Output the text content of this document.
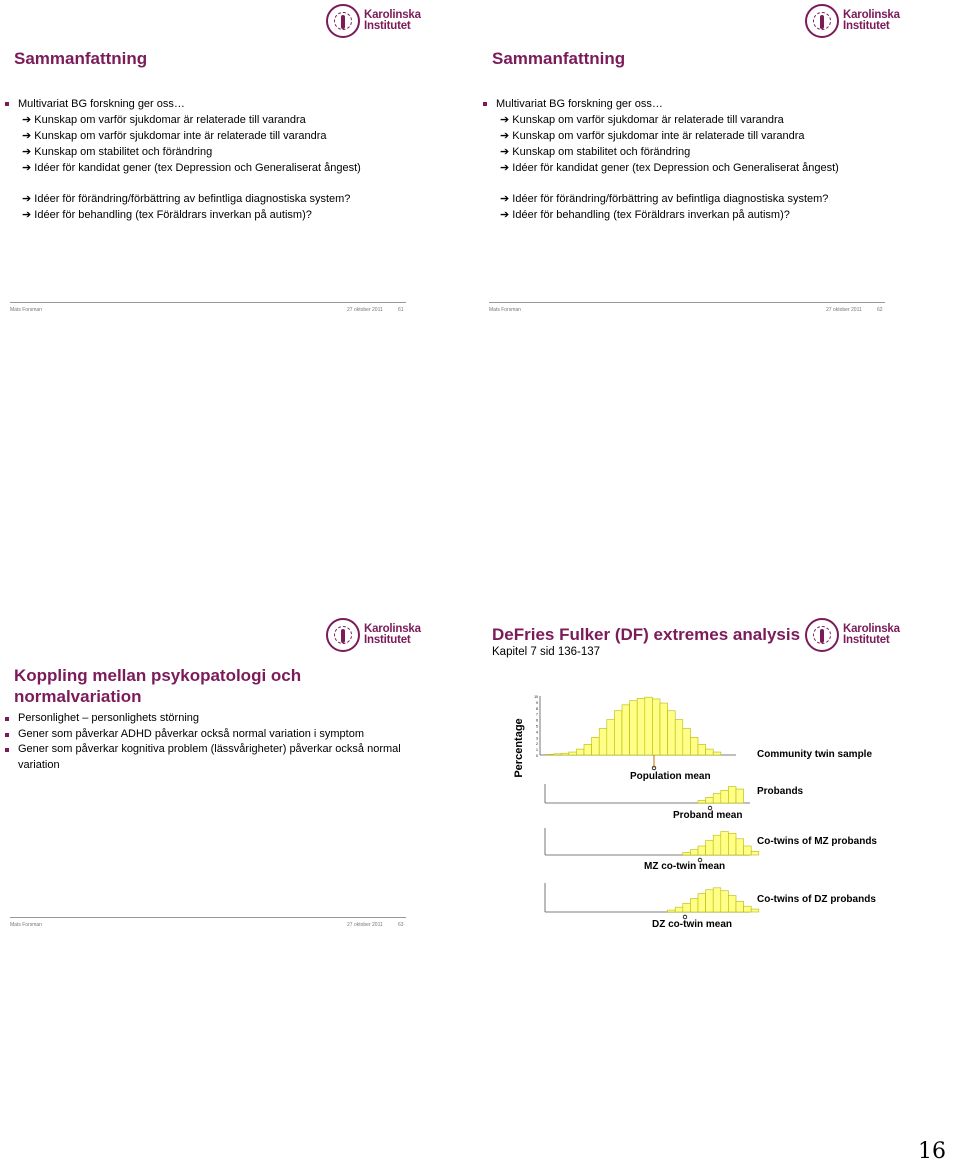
Karolinska
Institutet
Sammanfattning
Multivariat BG forskning ger oss…
➔ Kunskap om varför sjukdomar är relaterade till varandra
➔ Kunskap om varför sjukdomar inte är relaterade till varandra
➔ Kunskap om stabilitet och förändring
➔ Idéer för kandidat gener (tex Depression och Generaliserat ångest)
➔ Idéer för förändring/förbättring av befintliga diagnostiska system?
➔ Idéer för behandling (tex Föräldrars inverkan på autism)?
Mats Forsman	27 oktober 2011	61
Karolinska
Institutet
Sammanfattning
Multivariat BG forskning ger oss…
➔ Kunskap om varför sjukdomar är relaterade till varandra
➔ Kunskap om varför sjukdomar inte är relaterade till varandra
➔ Kunskap om stabilitet och förändring
➔ Idéer för kandidat gener (tex Depression och Generaliserat ångest)
➔ Idéer för förändring/förbättring av befintliga diagnostiska system?
➔ Idéer för behandling (tex Föräldrars inverkan på autism)?
Mats Forsman	27 oktober 2011	62
Karolinska
Institutet
Koppling mellan psykopatologi och
normalvariation
Personlighet – personlighets störning
Gener som påverkar ADHD påverkar också normal variation i symptom
Gener som påverkar kognitiva problem (lässvårigheter) påverkar också normal variation
Mats Forsman	27 oktober 2011	63
Karolinska
Institutet
DeFries Fulker (DF) extremes analysis
Kapitel 7 sid 136-137
Percentage
10
9
8
7
6
5
4
3
2
1
0	Community twin sample
Population mean
Probands
Proband mean
Co-twins of MZ probands
MZ co-twin mean
Co-twins of DZ probands
DZ co-twin mean
16
